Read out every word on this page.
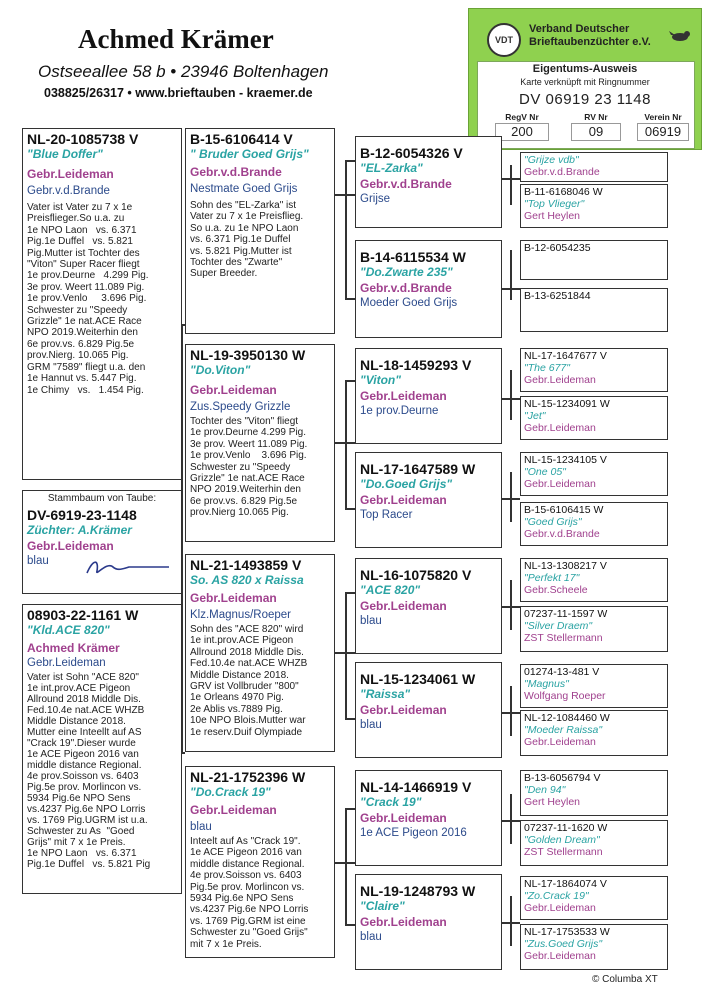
Achmed Krämer
Ostseeallee 58 b • 23946 Boltenhagen
038825/26317 • www.brieftauben - kraemer.de
VDT
Verband Deutscher
Brieftaubenzüchter e.V.
Eigentums-Ausweis
Karte verknüpft mit Ringnummer
DV 06919 23 1148
RegV Nr	RV Nr	Verein Nr
200	09	06919
NL-20-1085738 V
"Blue Doffer"
Gebr.Leideman
Gebr.v.d.Brande
Vater ist Vater zu 7 x 1e
Preisflieger.So u.a. zu
1e NPO Laon   vs. 6.371
Pig.1e Duffel   vs. 5.821
Pig.Mutter ist Tochter des
"Viton" Super Racer fliegt
1e prov.Deurne   4.299 Pig.
3e prov. Weert 11.089 Pig.
1e prov.Venlo     3.696 Pig.
Schwester zu "Speedy
Grizzle" 1e nat.ACE Race
NPO 2019.Weiterhin den
6e prov.vs. 6.829 Pig.5e
prov.Nierg. 10.065 Pig.
GRM "7589" fliegt u.a. den
1e Hannut vs. 5.447 Pig.
1e Chimy   vs.   1.454 Pig.
Stammbaum von Taube:
DV-6919-23-1148
Züchter: A.Krämer
Gebr.Leideman
blau
08903-22-1161 W
"Kld.ACE 820"
Achmed Krämer
Gebr.Leideman
Vater ist Sohn "ACE 820"
1e int.prov.ACE Pigeon
Allround 2018 Middle Dis.
Fed.10.4e nat.ACE WHZB
Middle Distance 2018.
Mutter eine Inteellt auf AS
"Crack 19".Dieser wurde
1e ACE Pigeon 2016 van
middle distance Regional.
4e prov.Soisson vs. 6403
Pig.5e prov. Morlincon vs.
5934 Pig.6e NPO Sens
vs.4237 Pig.6e NPO Lorris
vs. 1769 Pig.UGRM ist u.a.
Schwester zu As  "Goed
Grijs" mit 7 x 1e Preis.
1e NPO Laon   vs. 6.371
Pig.1e Duffel   vs. 5.821 Pig
B-15-6106414 V
" Bruder Goed Grijs"
Gebr.v.d.Brande
Nestmate Goed Grijs
Sohn des "EL-Zarka" ist
Vater zu 7 x 1e Preisflieg.
So u.a. zu 1e NPO Laon
vs. 6.371 Pig.1e Duffel
vs. 5.821 Pig.Mutter ist
Tochter des "Zwarte"
Super Breeder.
NL-19-3950130 W
"Do.Viton"
Gebr.Leideman
Zus.Speedy Grizzle
Tochter des "Viton" fliegt
1e prov.Deurne 4.299 Pig.
3e prov. Weert 11.089 Pig.
1e prov.Venlo    3.696 Pig.
Schwester zu "Speedy
Grizzle" 1e nat.ACE Race
NPO 2019.Weiterhin den
6e prov.vs. 6.829 Pig.5e
prov.Nierg 10.065 Pig.
NL-21-1493859 V
So. AS 820 x Raissa
Gebr.Leideman
Klz.Magnus/Roeper
Sohn des "ACE 820" wird
1e int.prov.ACE Pigeon
Allround 2018 Middle Dis.
Fed.10.4e nat.ACE WHZB
Middle Distance 2018.
GRV ist Vollbruder "800"
1e Orleans 4970 Pig.
2e Ablis vs.7889 Pig.
10e NPO Blois.Mutter war
1e reserv.Duif Olympiade
NL-21-1752396 W
"Do.Crack 19"
Gebr.Leideman
blau
Inteelt auf As "Crack 19".
1e ACE Pigeon 2016 van
middle distance Regional.
4e prov.Soisson vs. 6403
Pig.5e prov. Morlincon vs.
5934 Pig.6e NPO Sens
vs.4237 Pig.6e NPO Lorris
vs. 1769 Pig.GRM ist eine
Schwester zu "Goed Grijs"
mit 7 x 1e Preis.
B-12-6054326 V
"EL-Zarka"
Gebr.v.d.Brande
Grijse
B-14-6115534 W
"Do.Zwarte 235"
Gebr.v.d.Brande
Moeder Goed Grijs
NL-18-1459293 V
"Viton"
Gebr.Leideman
1e prov.Deurne
NL-17-1647589 W
"Do.Goed Grijs"
Gebr.Leideman
Top Racer
NL-16-1075820 V
"ACE 820"
Gebr.Leideman
blau
NL-15-1234061 W
"Raissa"
Gebr.Leideman
blau
NL-14-1466919 V
"Crack 19"
Gebr.Leideman
1e ACE Pigeon 2016
NL-19-1248793 W
"Claire"
Gebr.Leideman
blau
"Grijze vdb"
Gebr.v.d.Brande
B-11-6168046 W
"Top Vlieger"
Gert Heylen
B-12-6054235
B-13-6251844
NL-17-1647677 V
"The 677"
Gebr.Leideman
NL-15-1234091 W
"Jet"
Gebr.Leideman
NL-15-1234105 V
"One 05"
Gebr.Leideman
B-15-6106415 W
"Goed Grijs"
Gebr.v.d.Brande
NL-13-1308217 V
"Perfekt 17"
Gebr.Scheele
07237-11-1597 W
"Silver Draem"
ZST Stellermann
01274-13-481 V
"Magnus"
Wolfgang Roeper
NL-12-1084460 W
"Moeder Raissa"
Gebr.Leideman
B-13-6056794 V
"Den 94"
Gert Heylen
07237-11-1620 W
"Golden Dream"
ZST Stellermann
NL-17-1864074 V
"Zo.Crack 19"
Gebr.Leideman
NL-17-1753533 W
"Zus.Goed Grijs"
Gebr.Leideman
© Columba XT
